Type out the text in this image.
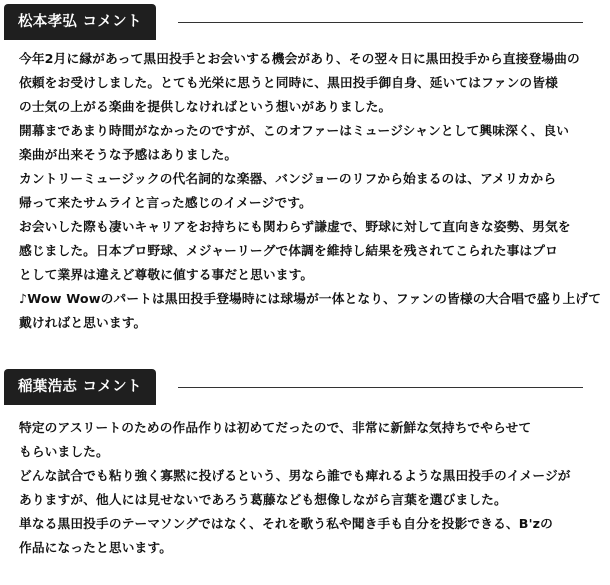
松本孝弘 コメント
今年2月に縁があって黒田投手とお会いする機会があり、その翌々日に黒田投手から直接登場曲の
依頼をお受けしました。とても光栄に思うと同時に、黒田投手御自身、延いてはファンの皆様
の士気の上がる楽曲を提供しなければという想いがありました。
開幕まであまり時間がなかったのですが、このオファーはミュージシャンとして興味深く、良い
楽曲が出来そうな予感はありました。
カントリーミュージックの代名詞的な楽器、バンジョーのリフから始まるのは、アメリカから
帰って来たサムライと言った感じのイメージです。
お会いした際も凄いキャリアをお持ちにも関わらず謙虚で、野球に対して直向きな姿勢、男気を
感じました。日本プロ野球、メジャーリーグで体調を維持し結果を残されてこられた事はプロ
として業界は違えど尊敬に値する事だと思います。
♪Wow Wowのパートは黒田投手登場時には球場が一体となり、ファンの皆様の大合唱で盛り上げて
戴ければと思います。
稲葉浩志 コメント
特定のアスリートのための作品作りは初めてだったので、非常に新鮮な気持ちでやらせて
もらいました。
どんな試合でも粘り強く寡黙に投げるという、男なら誰でも痺れるような黒田投手のイメージが
ありますが、他人には見せないであろう葛藤なども想像しながら言葉を選びました。
単なる黒田投手のテーマソングではなく、それを歌う私や聞き手も自分を投影できる、B'zの
作品になったと思います。
